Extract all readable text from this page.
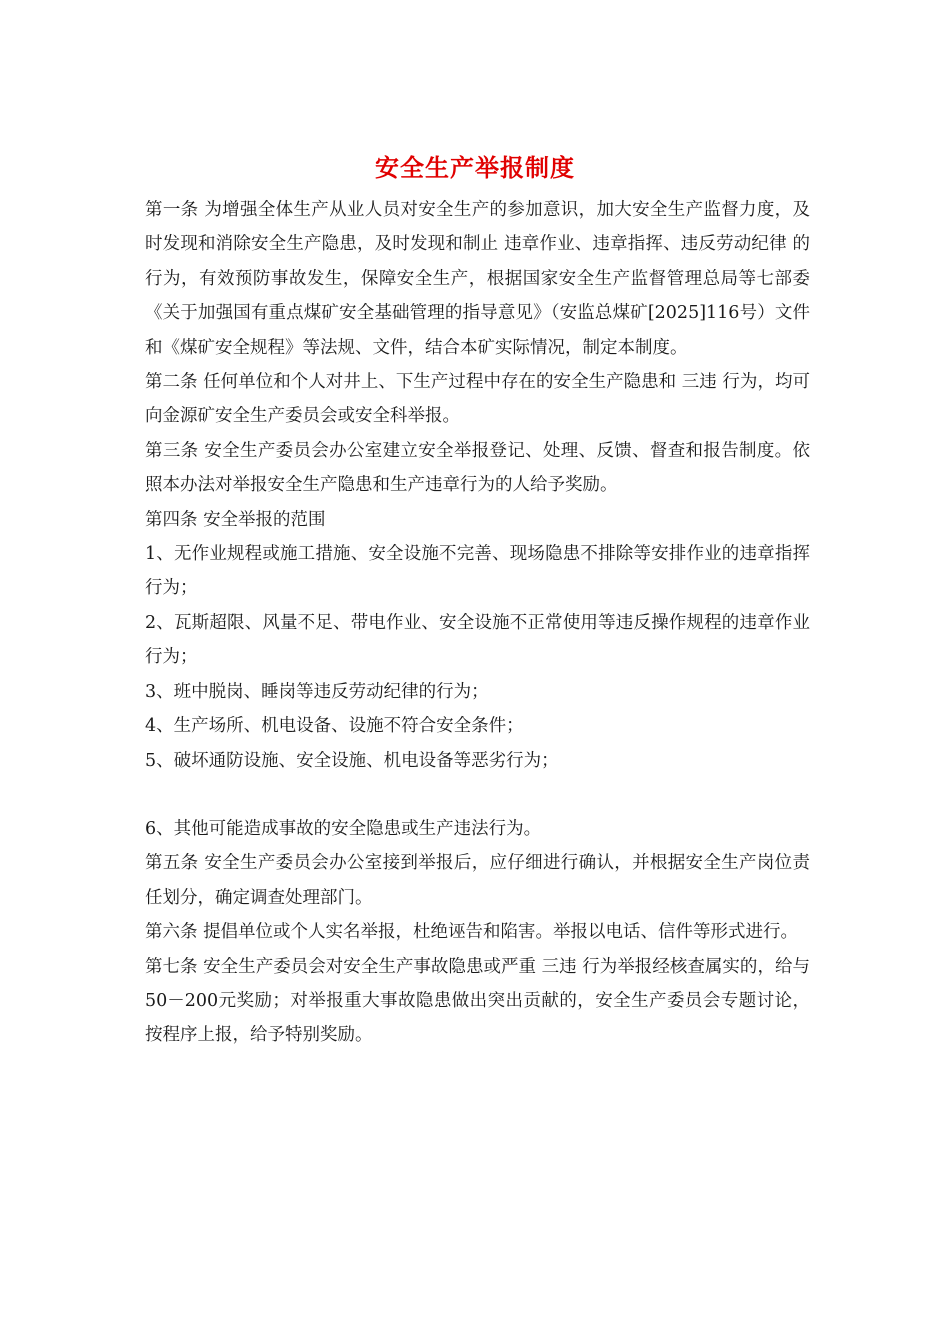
安全生产举报制度

第一条 为增强全体生产从业人员对安全生产的参加意识，加大安全生产监督力度，及时发现和消除安全生产隐患，及时发现和制止 违章作业、违章指挥、违反劳动纪律 的行为，有效预防事故发生，保障安全生产，根据国家安全生产监督管理总局等七部委《关于加强国有重点煤矿安全基础管理的指导意见》（安监总煤矿[2025]116号）文件和《煤矿安全规程》等法规、文件，结合本矿实际情况，制定本制度。

第二条 任何单位和个人对井上、下生产过程中存在的安全生产隐患和 三违 行为，均可向金源矿安全生产委员会或安全科举报。

第三条 安全生产委员会办公室建立安全举报登记、处理、反馈、督查和报告制度。依照本办法对举报安全生产隐患和生产违章行为的人给予奖励。

第四条 安全举报的范围

1、无作业规程或施工措施、安全设施不完善、现场隐患不排除等安排作业的违章指挥行为；

2、瓦斯超限、风量不足、带电作业、安全设施不正常使用等违反操作规程的违章作业行为；

3、班中脱岗、睡岗等违反劳动纪律的行为；

4、生产场所、机电设备、设施不符合安全条件；

5、破坏通防设施、安全设施、机电设备等恶劣行为；

6、其他可能造成事故的安全隐患或生产违法行为。

第五条 安全生产委员会办公室接到举报后，应仔细进行确认，并根据安全生产岗位责任划分，确定调查处理部门。

第六条 提倡单位或个人实名举报，杜绝诬告和陷害。举报以电话、信件等形式进行。

第七条 安全生产委员会对安全生产事故隐患或严重 三违 行为举报经核查属实的，给与50－200元奖励；对举报重大事故隐患做出突出贡献的，安全生产委员会专题讨论，按程序上报，给予特别奖励。
